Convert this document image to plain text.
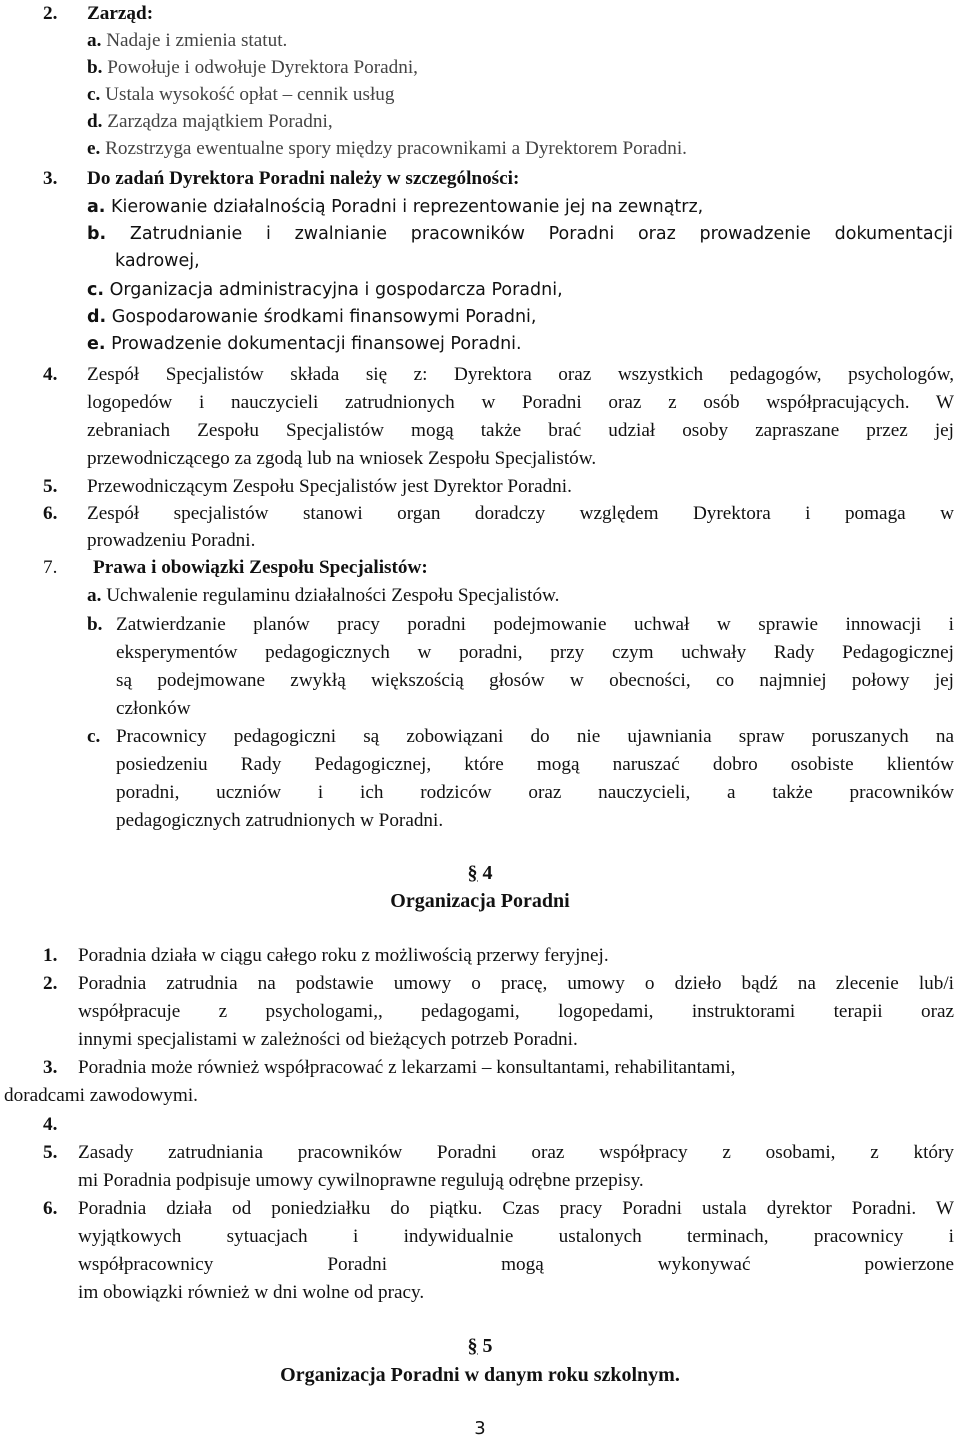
2. Zarząd:
a. Nadaje i zmienia statut.
b. Powołuje i odwołuje Dyrektora Poradni,
c. Ustala wysokość opłat – cennik usług
d. Zarządza majątkiem Poradni,
e. Rozstrzyga ewentualne spory między pracownikami a Dyrektorem Poradni.
3. Do zadań Dyrektora Poradni należy w szczególności:
a. Kierowanie działalnością Poradni i reprezentowanie jej na zewnątrz,
b. Zatrudnianie i zwalnianie pracowników Poradni oraz prowadzenie dokumentacji
kadrowej,
c. Organizacja administracyjna i gospodarcza Poradni,
d. Gospodarowanie środkami finansowymi Poradni,
e. Prowadzenie dokumentacji finansowej Poradni.
4. Zespół Specjalistów składa się z: Dyrektora oraz wszystkich pedagogów, psychologów,
logopedów i nauczycieli zatrudnionych w Poradni oraz z osób współpracujących. W
zebraniach Zespołu Specjalistów mogą także brać udział osoby zapraszane przez jej
przewodniczącego za zgodą lub na wniosek Zespołu Specjalistów.
5. Przewodniczącym Zespołu Specjalistów jest Dyrektor Poradni.
6. Zespół specjalistów stanowi organ doradczy względem Dyrektora i pomaga w
prowadzeniu Poradni.
7. Prawa i obowiązki Zespołu Specjalistów:
a. Uchwalenie regulaminu działalności Zespołu Specjalistów.
b. Zatwierdzanie planów pracy poradni podejmowanie uchwał w sprawie innowacji i
eksperymentów pedagogicznych w poradni, przy czym uchwały Rady Pedagogicznej
są podejmowane zwykłą większością głosów w obecności, co najmniej połowy jej
członków
c. Pracownicy pedagogiczni są zobowiązani do nie ujawniania spraw poruszanych na
posiedzeniu Rady Pedagogicznej, które mogą naruszać dobro osobiste klientów
poradni, uczniów i ich rodziców oraz nauczycieli, a także pracowników
pedagogicznych zatrudnionych w Poradni.
§ 4
Organizacja Poradni
1. Poradnia działa w ciągu całego roku z możliwością przerwy feryjnej.
2. Poradnia zatrudnia na podstawie umowy o pracę, umowy o dzieło bądź na zlecenie lub/i
współpracuje z psychologami,, pedagogami, logopedami, instruktorami terapii oraz
innymi specjalistami w zależności od bieżących potrzeb Poradni.
3. Poradnia może również współpracować z lekarzami – konsultantami, rehabilitantami,
doradcami zawodowymi.
4.
5. Zasady zatrudniania pracowników Poradni oraz współpracy z osobami, z który
mi Poradnia podpisuje umowy cywilnoprawne regulują odrębne przepisy.
6. Poradnia działa od poniedziałku do piątku. Czas pracy Poradni ustala dyrektor Poradni. W
wyjątkowych sytuacjach i indywidualnie ustalonych terminach, pracownicy i
współpracownicy Poradni mogą wykonywać powierzone
im obowiązki również w dni wolne od pracy.
§ 5
Organizacja Poradni w danym roku szkolnym.
3
